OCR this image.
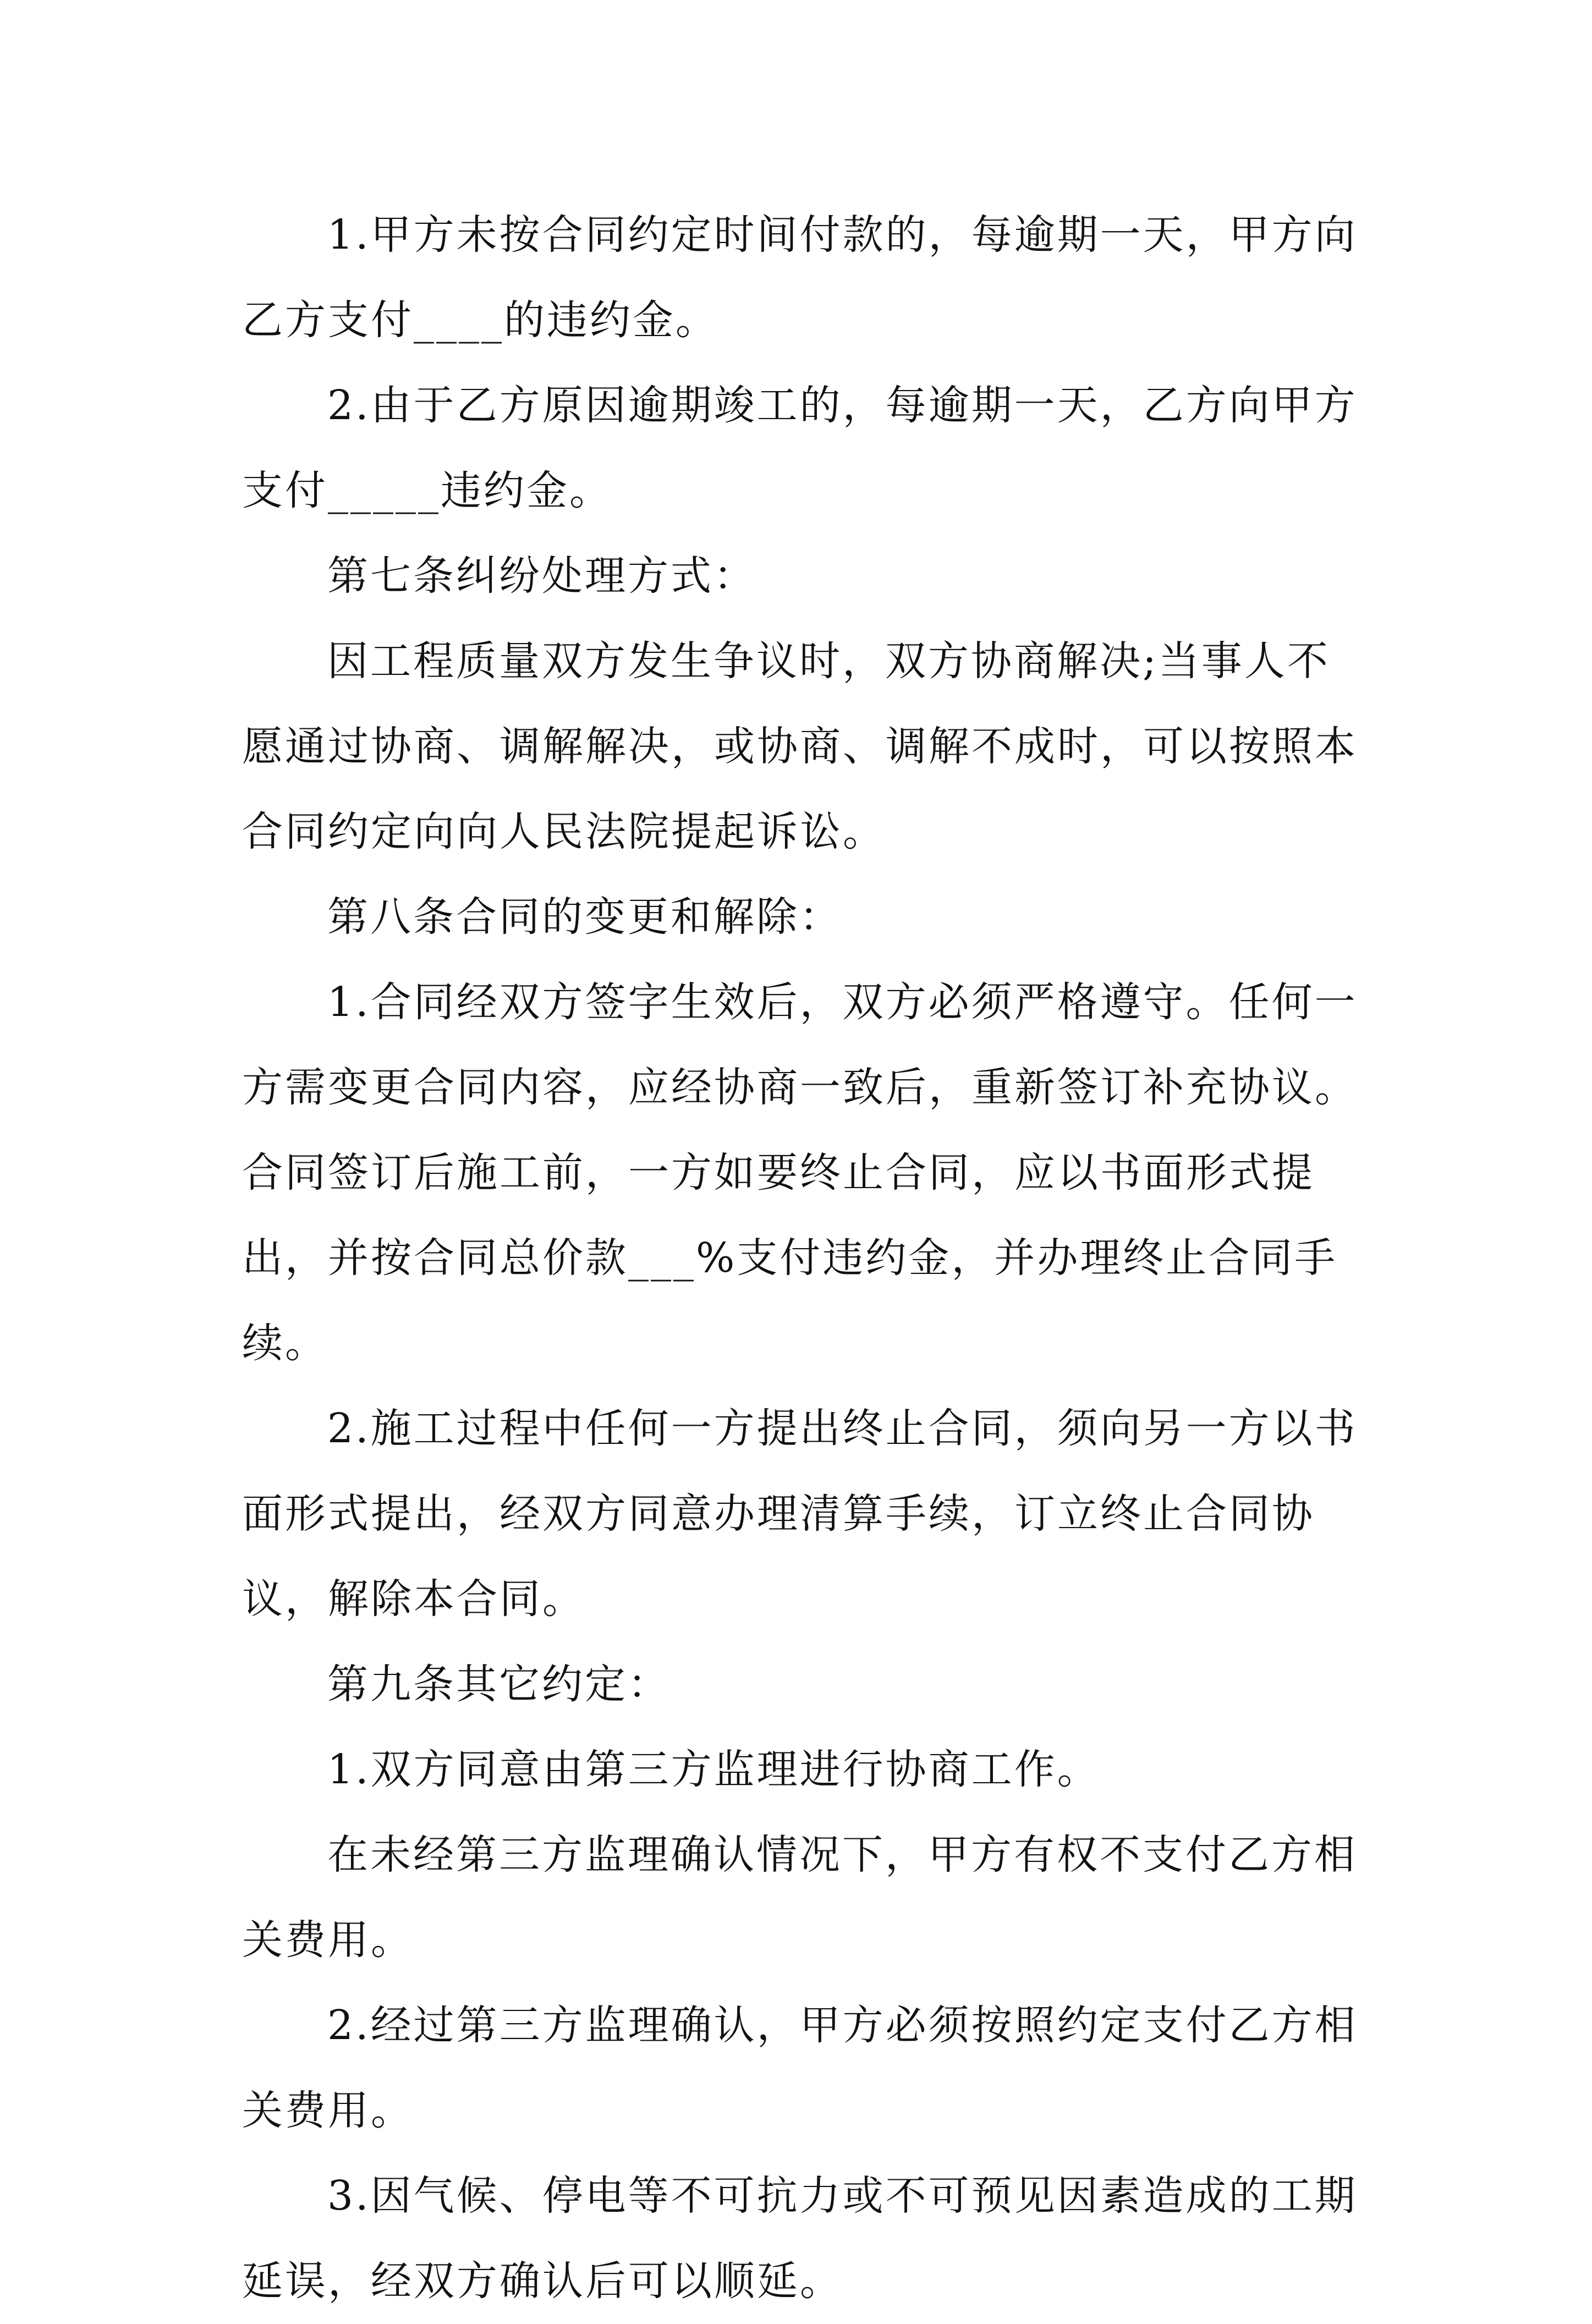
1.甲方未按合同约定时间付款的，每逾期一天，甲方向乙方支付____的违约金。

2.由于乙方原因逾期竣工的，每逾期一天，乙方向甲方支付_____违约金。

第七条纠纷处理方式：

因工程质量双方发生争议时，双方协商解决;当事人不愿通过协商、调解解决，或协商、调解不成时，可以按照本合同约定向向人民法院提起诉讼。

第八条合同的变更和解除：

1.合同经双方签字生效后，双方必须严格遵守。任何一方需变更合同内容，应经协商一致后，重新签订补充协议。合同签订后施工前，一方如要终止合同，应以书面形式提出，并按合同总价款___%支付违约金，并办理终止合同手续。

2.施工过程中任何一方提出终止合同，须向另一方以书面形式提出，经双方同意办理清算手续，订立终止合同协议，解除本合同。

第九条其它约定：

1.双方同意由第三方监理进行协商工作。

在未经第三方监理确认情况下，甲方有权不支付乙方相关费用。

2.经过第三方监理确认，甲方必须按照约定支付乙方相关费用。

3.因气候、停电等不可抗力或不可预见因素造成的工期延误，经双方确认后可以顺延。
